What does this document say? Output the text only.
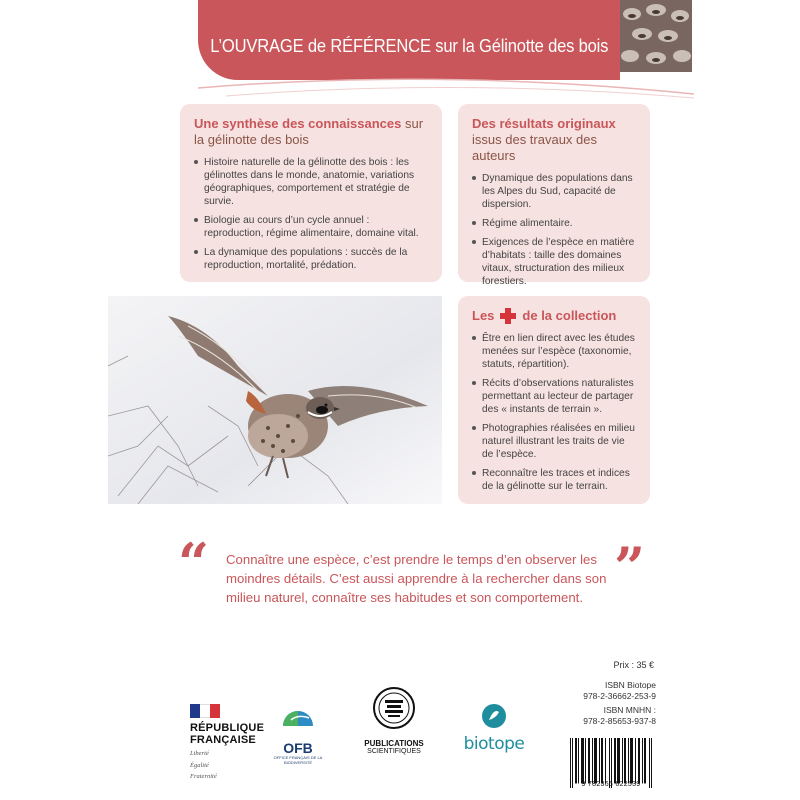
L’OUVRAGE de RÉFÉRENCE sur la Gélinotte des bois
Une synthèse des connaissances sur la gélinotte des bois
Histoire naturelle de la gélinotte des bois : les gélinottes dans le monde, anatomie, variations géographiques, comportement et stratégie de survie.
Biologie au cours d’un cycle annuel : reproduction, régime alimentaire, domaine vital.
La dynamique des populations : succès de la reproduction, mortalité, prédation.
Des résultats originaux issus des travaux des auteurs
Dynamique des populations dans les Alpes du Sud, capacité de dispersion.
Régime alimentaire.
Exigences de l’espèce en matière d’habitats : taille des domaines vitaux, structuration des milieux forestiers.
Les de la collection
Être en lien direct avec les études menées sur l’espèce (taxonomie, statuts, répartition).
Récits d’observations naturalistes permettant au lecteur de partager des « instants de terrain ».
Photographies réalisées en milieu naturel illustrant les traits de vie de l’espèce.
Reconnaître les traces et indices de la gélinotte sur le terrain.
“ Connaître une espèce, c’est prendre le temps d’en observer les moindres détails. C’est aussi apprendre à la rechercher dans son milieu naturel, connaître ses habitudes et son comportement. ”
RÉPUBLIQUE
FRANÇAISE
Liberté
Égalité
Fraternité
OFB
OFFICE FRANÇAIS DE LA BIODIVERSITÉ
PUBLICATIONS
SCIENTIFIQUES	biotope
Prix : 35 €
ISBN Biotope
978-2-36662-253-9
ISBN MNHN :
978-2-85653-937-8
9 782366 622539
